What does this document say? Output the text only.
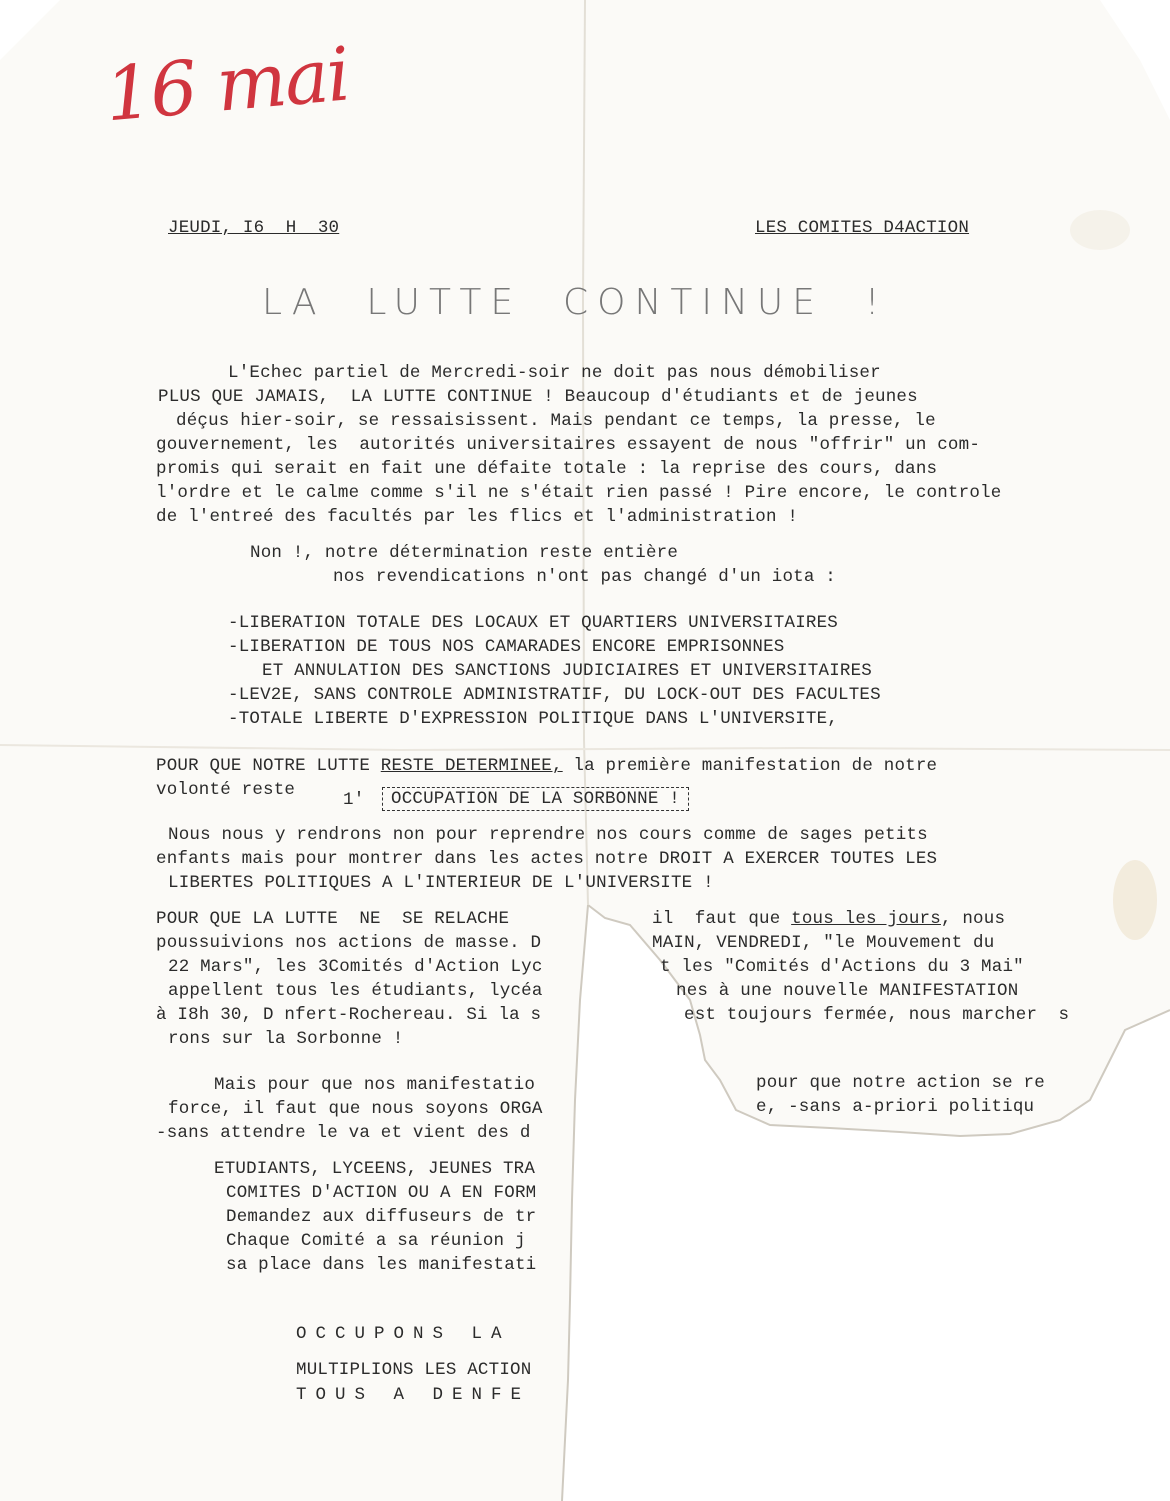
16 mai
JEUDI, I6  H  30	LES COMITES D4ACTION
LA  LUTTE  CONTINUE  !
L'Echec partiel de Mercredi-soir ne doit pas nous démobiliser
PLUS QUE JAMAIS,  LA LUTTE CONTINUE ! Beaucoup d'étudiants et de jeunes
déçus hier-soir, se ressaisissent. Mais pendant ce temps, la presse, le
gouvernement, les  autorités universitaires essayent de nous "offrir" un com-
promis qui serait en fait une défaite totale : la reprise des cours, dans
l'ordre et le calme comme s'il ne s'était rien passé ! Pire encore, le controle
de l'entreé des facultés par les flics et l'administration !
Non !, notre détermination reste entière
nos revendications n'ont pas changé d'un iota :
-LIBERATION TOTALE DES LOCAUX ET QUARTIERS UNIVERSITAIRES
-LIBERATION DE TOUS NOS CAMARADES ENCORE EMPRISONNES
ET ANNULATION DES SANCTIONS JUDICIAIRES ET UNIVERSITAIRES
-LEV2E, SANS CONTROLE ADMINISTRATIF, DU LOCK-OUT DES FACULTES
-TOTALE LIBERTE D'EXPRESSION POLITIQUE DANS L'UNIVERSITE,
POUR QUE NOTRE LUTTE RESTE DETERMINEE, la première manifestation de notre
volonté reste	1'	OCCUPATION DE LA SORBONNE !
Nous nous y rendrons non pour reprendre nos cours comme de sages petits
enfants mais pour montrer dans les actes notre DROIT A EXERCER TOUTES LES
LIBERTES POLITIQUES A L'INTERIEUR DE L'UNIVERSITE !
POUR QUE LA LUTTE  NE  SE RELACHE	il  faut que tous les jours, nous
poussuivions nos actions de masse. D
22 Mars", les 3Comités d'Action Lyc
appellent tous les étudiants, lycéa
à I8h 30, D nfert-Rochereau. Si la s
rons sur la Sorbonne !
MAIN, VENDREDI, "le Mouvement du
t les "Comités d'Actions du 3 Mai"
nes à une nouvelle MANIFESTATION
est toujours fermée, nous marcher  s
Mais pour que nos manifestatio
force, il faut que nous soyons ORGA
-sans attendre le va et vient des d
pour que notre action se re
e, -sans a-priori politiqu
ETUDIANTS, LYCEENS, JEUNES TRA
COMITES D'ACTION OU A EN FORM
Demandez aux diffuseurs de tr
Chaque Comité a sa réunion j
sa place dans les manifestati
OCCUPONS LA
MULTIPLIONS LES ACTION
TOUS A DENFE
